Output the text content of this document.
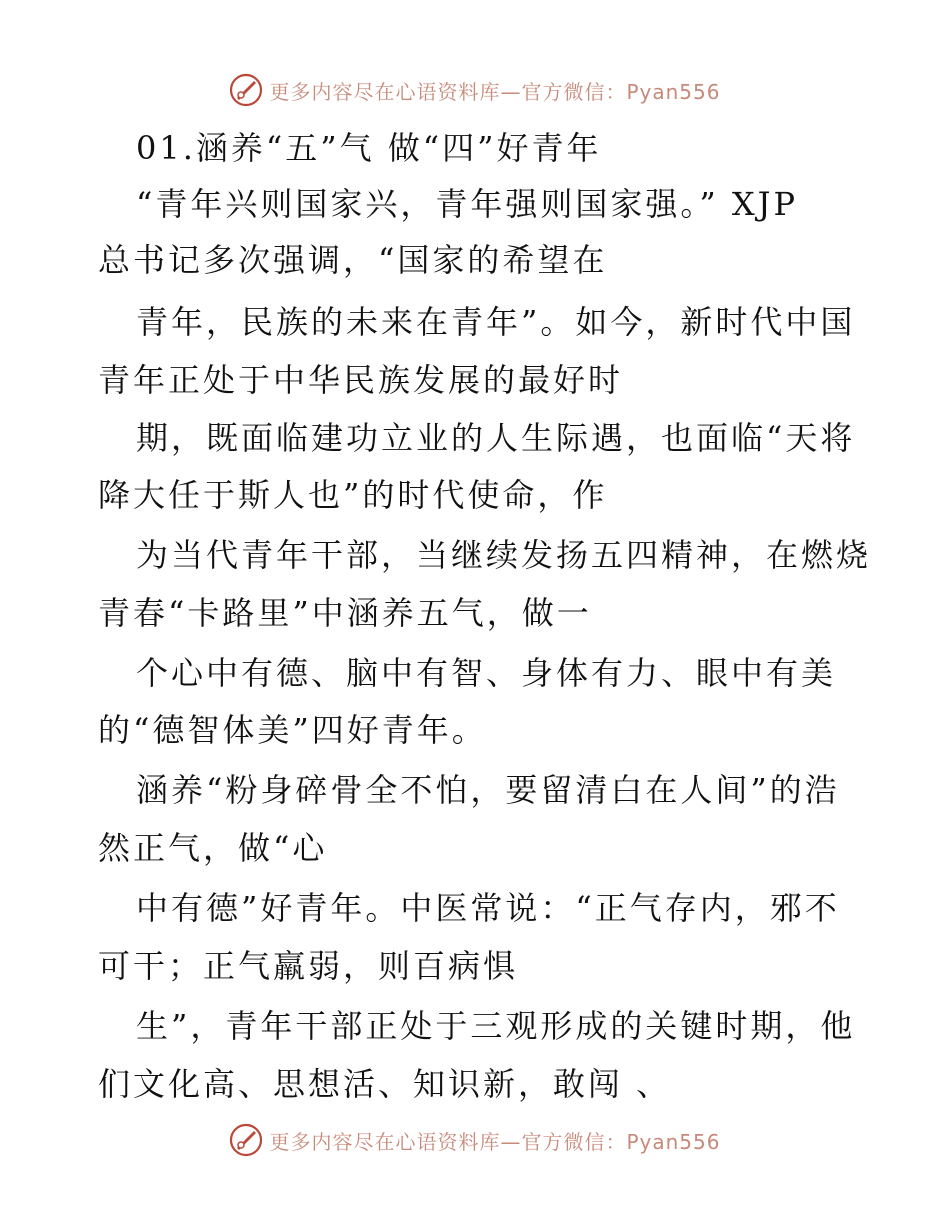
更多内容尽在心语资料库—官方微信：Pyan556
01.涵养“五”气 做“四”好青年
“青年兴则国家兴，青年强则国家强。” XJP
总书记多次强调，“国家的希望在
青年，民族的未来在青年”。如今，新时代中国
青年正处于中华民族发展的最好时
期，既面临建功立业的人生际遇，也面临“天将
降大任于斯人也”的时代使命，作
为当代青年干部，当继续发扬五四精神，在燃烧
青春“卡路里”中涵养五气，做一
个心中有德、脑中有智、身体有力、眼中有美
的“德智体美”四好青年。
涵养“粉身碎骨全不怕，要留清白在人间”的浩
然正气，做“心
中有德”好青年。中医常说：“正气存内，邪不
可干；正气羸弱，则百病惧
生”，青年干部正处于三观形成的关键时期，他
们文化高、思想活、知识新，敢闯 、
更多内容尽在心语资料库—官方微信：Pyan556
